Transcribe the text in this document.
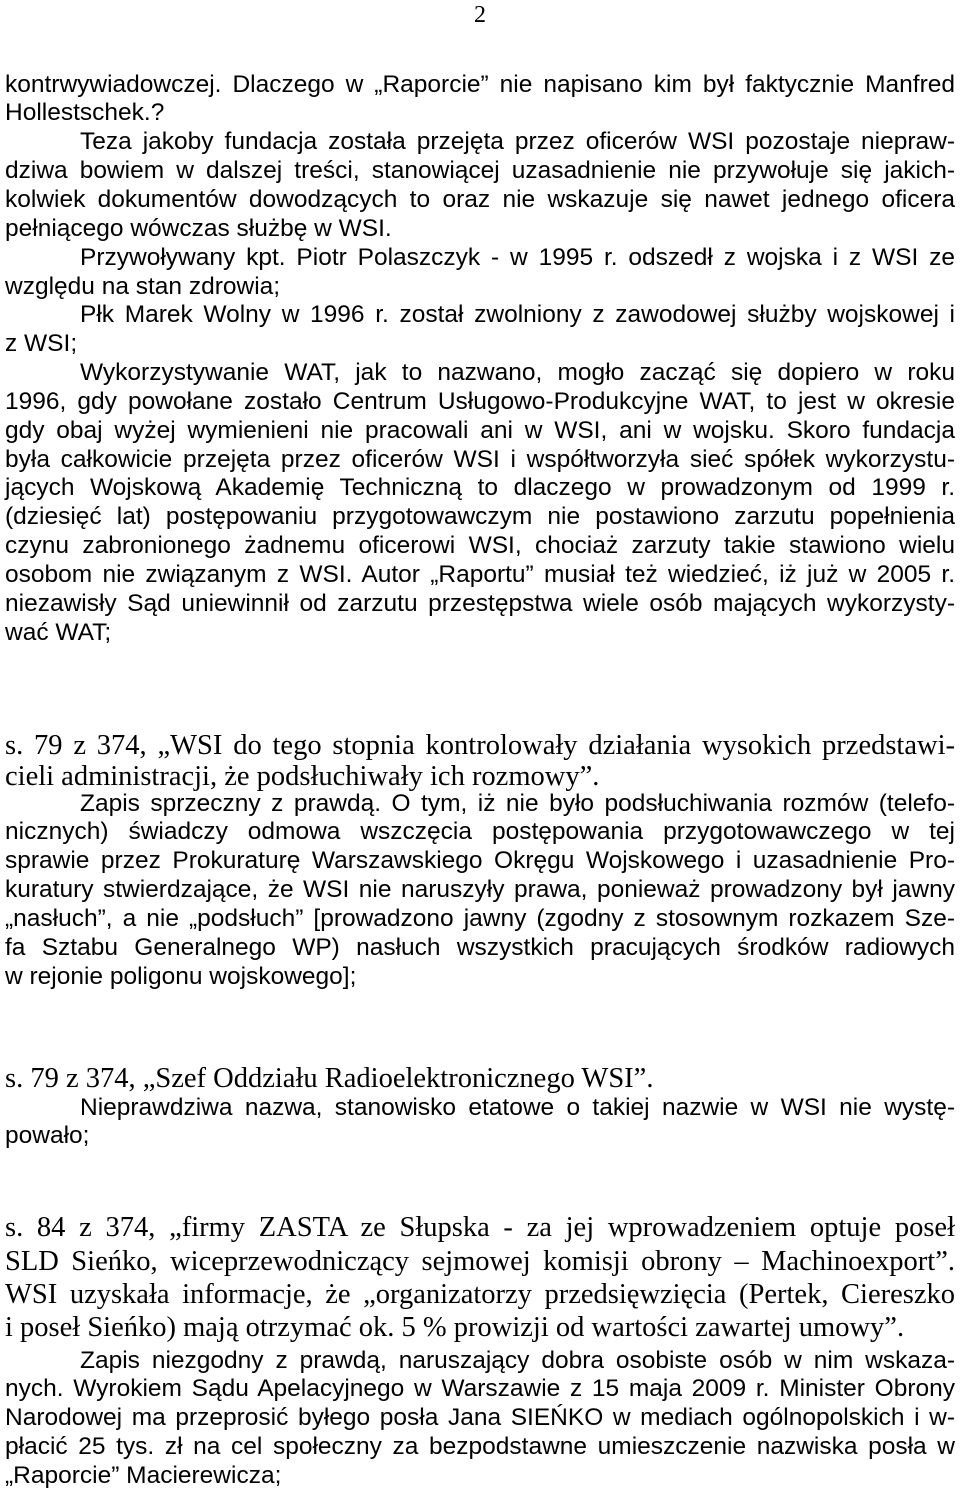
2
kontrwywiadowczej. Dlaczego w „Raporcie” nie napisano kim był faktycznie Manfred
Hollestschek.?
Teza jakoby fundacja została przejęta przez oficerów WSI pozostaje niepraw-
dziwa bowiem w dalszej treści, stanowiącej uzasadnienie nie przywołuje się jakich-
kolwiek dokumentów dowodzących to oraz nie wskazuje się nawet jednego oficera
pełniącego wówczas służbę w WSI.
Przywoływany kpt. Piotr Polaszczyk - w 1995 r. odszedł z wojska i z WSI ze
względu na stan zdrowia;
Płk Marek Wolny w 1996 r. został zwolniony z zawodowej służby wojskowej i
z WSI;
Wykorzystywanie WAT, jak to nazwano, mogło zacząć się dopiero w roku
1996, gdy powołane zostało Centrum Usługowo-Produkcyjne WAT, to jest w okresie
gdy obaj wyżej wymienieni nie pracowali ani w WSI, ani w wojsku. Skoro fundacja
była całkowicie przejęta przez oficerów WSI i współtworzyła sieć spółek wykorzystu-
jących Wojskową Akademię Techniczną to dlaczego w prowadzonym od 1999 r.
(dziesięć lat) postępowaniu przygotowawczym nie postawiono zarzutu popełnienia
czynu zabronionego żadnemu oficerowi WSI, chociaż zarzuty takie stawiono wielu
osobom nie związanym z WSI. Autor „Raportu” musiał też wiedzieć, iż już w 2005 r.
niezawisły Sąd uniewinnił od zarzutu przestępstwa wiele osób mających wykorzysty-
wać WAT;
s. 79 z 374, „WSI do tego stopnia kontrolowały działania wysokich przedstawi-
cieli administracji, że podsłuchiwały ich rozmowy”.
Zapis sprzeczny z prawdą. O tym, iż nie było podsłuchiwania rozmów (telefo-
nicznych) świadczy odmowa wszczęcia postępowania przygotowawczego w tej
sprawie przez Prokuraturę Warszawskiego Okręgu Wojskowego i uzasadnienie Pro-
kuratury stwierdzające, że WSI nie naruszyły prawa, ponieważ prowadzony był jawny
„nasłuch”, a nie „podsłuch” [prowadzono jawny (zgodny z stosownym rozkazem Sze-
fa Sztabu Generalnego WP) nasłuch wszystkich pracujących środków radiowych
w rejonie poligonu wojskowego];
s. 79 z 374, „Szef Oddziału Radioelektronicznego WSI”.
Nieprawdziwa nazwa, stanowisko etatowe o takiej nazwie w WSI nie wystę-
powało;
s. 84 z 374, „firmy ZASTA ze Słupska - za jej wprowadzeniem optuje poseł
SLD Sieńko, wiceprzewodniczący sejmowej komisji obrony – Machinoexport”.
WSI uzyskała informacje, że „organizatorzy przedsięwzięcia (Pertek, Ciereszko
i poseł Sieńko) mają otrzymać ok. 5 % prowizji od wartości zawartej umowy”.
Zapis niezgodny z prawdą, naruszający dobra osobiste osób w nim wskaza-
nych. Wyrokiem Sądu Apelacyjnego w Warszawie z 15 maja 2009 r. Minister Obrony
Narodowej ma przeprosić byłego posła Jana SIEŃKO w mediach ogólnopolskich i w-
płacić 25 tys. zł na cel społeczny za bezpodstawne umieszczenie nazwiska posła w
„Raporcie” Macierewicza;
